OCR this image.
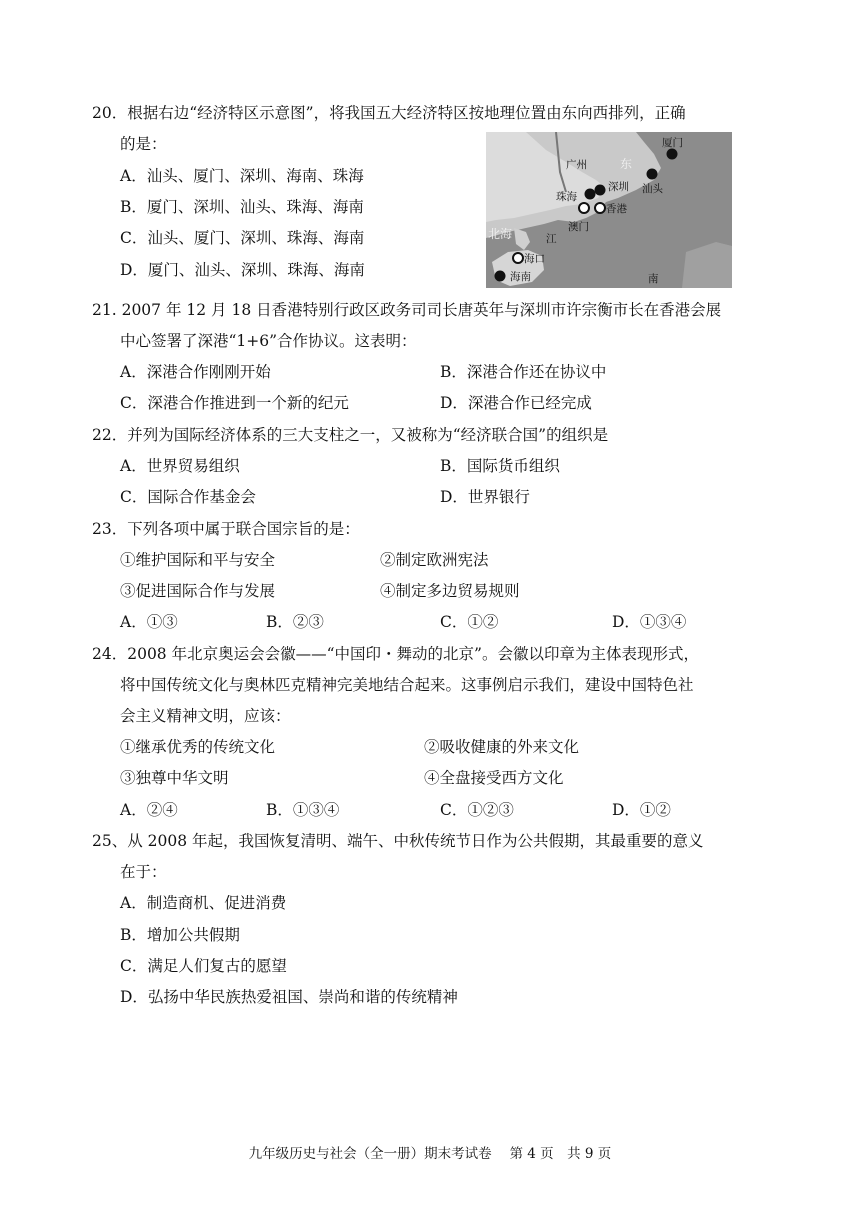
20．根据右边“经济特区示意图”，将我国五大经济特区按地理位置由东向西排列，正确
的是：
A．汕头、厦门、深圳、海南、珠海
B．厦门、深圳、汕头、珠海、海南
C．汕头、厦门、深圳、珠海、海南
D．厦门、汕头、深圳、珠海、海南
广州	东
厦门
珠海
深圳 汕头
香港
澳门
北海	江
海口
海南	南
21. 2007 年 12 月 18 日香港特别行政区政务司司长唐英年与深圳市许宗衡市长在香港会展
中心签署了深港“1+6”合作协议。这表明：
A．深港合作刚刚开始	B．深港合作还在协议中
C．深港合作推进到一个新的纪元	D．深港合作已经完成
22．并列为国际经济体系的三大支柱之一，又被称为“经济联合国”的组织是
A．世界贸易组织	B．国际货币组织
C．国际合作基金会	D．世界银行
23．下列各项中属于联合国宗旨的是：
①维护国际和平与安全	②制定欧洲宪法
③促进国际合作与发展	④制定多边贸易规则
A．①③	B．②③	C．①②	D．①③④
24．2008 年北京奥运会会徽——“中国印・舞动的北京”。会徽以印章为主体表现形式，
将中国传统文化与奥林匹克精神完美地结合起来。这事例启示我们，建设中国特色社
会主义精神文明，应该：
①继承优秀的传统文化	②吸收健康的外来文化
③独尊中华文明	④全盘接受西方文化
A．②④	B．①③④	C．①②③	D．①②
25、从 2008 年起，我国恢复清明、端午、中秋传统节日作为公共假期，其最重要的意义
在于：
A．制造商机、促进消费
B．增加公共假期
C．满足人们复古的愿望
D．弘扬中华民族热爱祖国、崇尚和谐的传统精神
九年级历史与社会（全一册）期末考试卷　 第 4 页　共 9 页
